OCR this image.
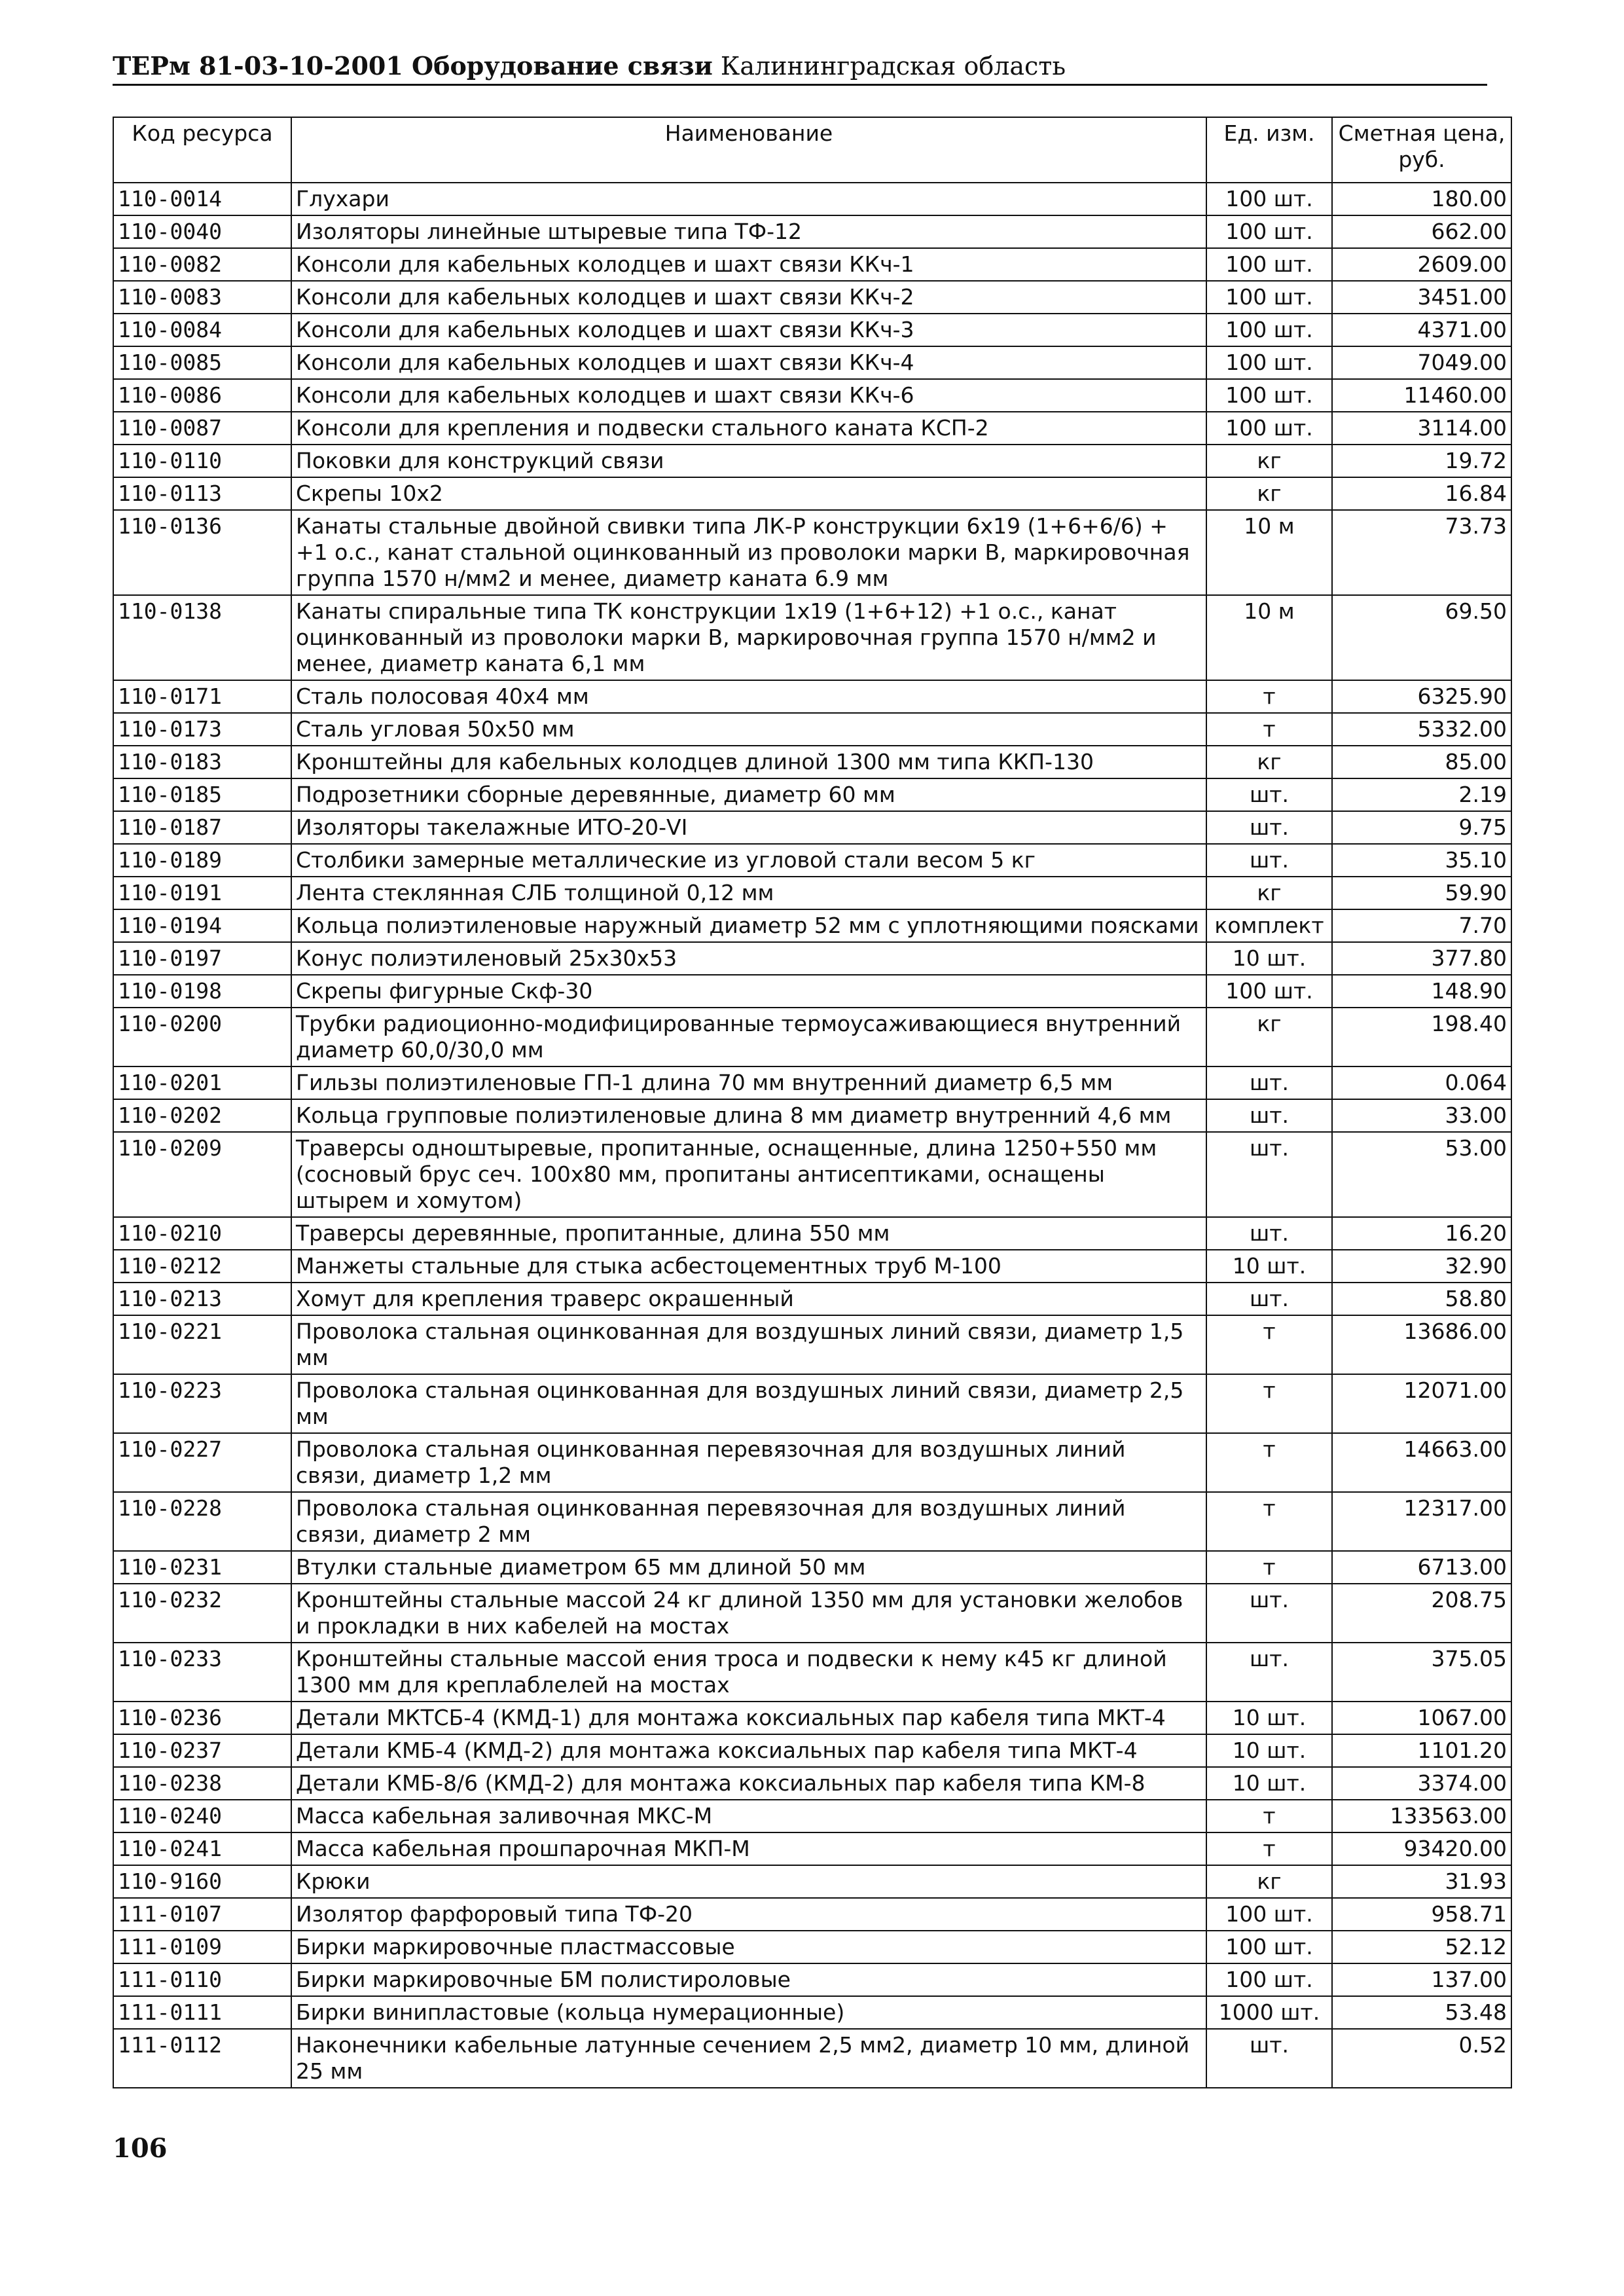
ТЕРм 81-03-10-2001 Оборудование связи Калининградская область
Код ресурса	Наименование	Ед. изм.	Сметная цена, руб.
110-0014	Глухари	100 шт.	180.00
110-0040	Изоляторы линейные штыревые типа ТФ-12	100 шт.	662.00
110-0082	Консоли для кабельных колодцев и шахт связи ККч-1	100 шт.	2609.00
110-0083	Консоли для кабельных колодцев и шахт связи ККч-2	100 шт.	3451.00
110-0084	Консоли для кабельных колодцев и шахт связи ККч-3	100 шт.	4371.00
110-0085	Консоли для кабельных колодцев и шахт связи ККч-4	100 шт.	7049.00
110-0086	Консоли для кабельных колодцев и шахт связи ККч-6	100 шт.	11460.00
110-0087	Консоли для крепления и подвески стального каната КСП-2	100 шт.	3114.00
110-0110	Поковки для конструкций связи	кг	19.72
110-0113	Скрепы 10х2	кг	16.84
110-0136	Канаты стальные двойной свивки типа ЛК-Р конструкции 6х19 (1+6+6/6) + +1 о.с., канат стальной оцинкованный из проволоки марки В, маркировочная группа 1570 н/мм2 и менее, диаметр каната 6.9 мм	10 м	73.73
110-0138	Канаты спиральные типа ТК конструкции 1х19 (1+6+12) +1 о.с., канат оцинкованный из проволоки марки В, маркировочная группа 1570 н/мм2 и менее, диаметр каната 6,1 мм	10 м	69.50
110-0171	Сталь полосовая 40х4 мм	т	6325.90
110-0173	Сталь угловая 50х50 мм	т	5332.00
110-0183	Кронштейны для кабельных колодцев длиной 1300 мм типа ККП-130	кг	85.00
110-0185	Подрозетники сборные деревянные, диаметр 60 мм	шт.	2.19
110-0187	Изоляторы такелажные ИТО-20-VI	шт.	9.75
110-0189	Столбики замерные металлические из угловой стали весом 5 кг	шт.	35.10
110-0191	Лента стеклянная СЛБ толщиной 0,12 мм	кг	59.90
110-0194	Кольца полиэтиленовые наружный диаметр 52 мм с уплотняющими поясками	комплект	7.70
110-0197	Конус полиэтиленовый 25х30х53	10 шт.	377.80
110-0198	Скрепы фигурные Скф-30	100 шт.	148.90
110-0200	Трубки радиоционно-модифицированные термоусаживающиеся внутренний диаметр 60,0/30,0 мм	кг	198.40
110-0201	Гильзы полиэтиленовые ГП-1 длина 70 мм внутренний диаметр 6,5 мм	шт.	0.064
110-0202	Кольца групповые полиэтиленовые длина 8 мм диаметр внутренний 4,6 мм	шт.	33.00
110-0209	Траверсы одноштыревые, пропитанные, оснащенные, длина 1250+550 мм (сосновый брус сеч. 100х80 мм, пропитаны антисептиками, оснащены штырем и хомутом)	шт.	53.00
110-0210	Траверсы деревянные, пропитанные, длина 550 мм	шт.	16.20
110-0212	Манжеты стальные для стыка асбестоцементных труб М-100	10 шт.	32.90
110-0213	Хомут для крепления траверс окрашенный	шт.	58.80
110-0221	Проволока стальная оцинкованная для воздушных линий связи, диаметр 1,5 мм	т	13686.00
110-0223	Проволока стальная оцинкованная для воздушных линий связи, диаметр 2,5 мм	т	12071.00
110-0227	Проволока стальная оцинкованная перевязочная для воздушных линий связи, диаметр 1,2 мм	т	14663.00
110-0228	Проволока стальная оцинкованная перевязочная для воздушных линий связи, диаметр 2 мм	т	12317.00
110-0231	Втулки стальные диаметром 65 мм длиной 50 мм	т	6713.00
110-0232	Кронштейны стальные массой 24 кг длиной 1350 мм для установки желобов и прокладки в них кабелей на мостах	шт.	208.75
110-0233	Кронштейны стальные массой ения троса и подвески к нему к45 кг длиной 1300 мм для креплаблелей на мостах	шт.	375.05
110-0236	Детали МКТСБ-4 (КМД-1) для монтажа коксиальных пар кабеля типа МКТ-4	10 шт.	1067.00
110-0237	Детали КМБ-4 (КМД-2) для монтажа коксиальных пар кабеля типа МКТ-4	10 шт.	1101.20
110-0238	Детали КМБ-8/6 (КМД-2) для монтажа коксиальных пар кабеля типа КМ-8	10 шт.	3374.00
110-0240	Масса кабельная заливочная МКС-М	т	133563.00
110-0241	Масса кабельная прошпарочная МКП-М	т	93420.00
110-9160	Крюки	кг	31.93
111-0107	Изолятор фарфоровый типа ТФ-20	100 шт.	958.71
111-0109	Бирки маркировочные пластмассовые	100 шт.	52.12
111-0110	Бирки маркировочные БМ полистироловые	100 шт.	137.00
111-0111	Бирки винипластовые (кольца нумерационные)	1000 шт.	53.48
111-0112	Наконечники кабельные латунные сечением 2,5 мм2, диаметр 10 мм, длиной 25 мм	шт.	0.52
106
